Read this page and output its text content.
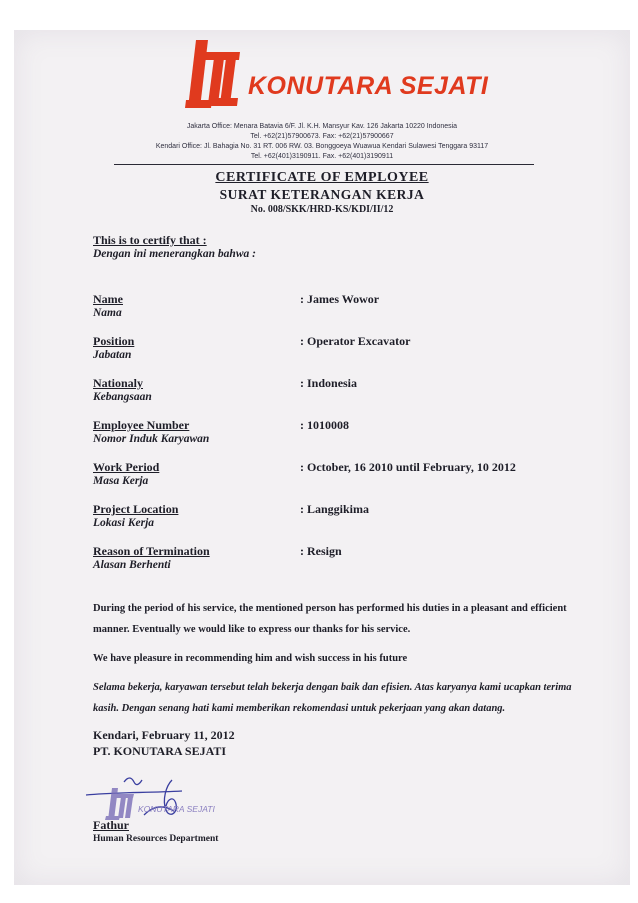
KONUTARA SEJATI
Jakarta Office: Menara Batavia 6/F. Jl. K.H. Mansyur Kav. 126 Jakarta 10220 Indonesia
Tel. +62(21)57900673. Fax: +62(21)57900667
Kendari Office: Jl. Bahagia No. 31 RT. 006 RW. 03. Bonggoeya Wuawua Kendari Sulawesi Tenggara 93117
Tel. +62(401)3190911. Fax. +62(401)3190911
CERTIFICATE OF EMPLOYEE
SURAT KETERANGAN KERJA
No. 008/SKK/HRD-KS/KDI/II/12
This is to certify that :
Dengan ini menerangkan bahwa :
Name
Nama
: James Wowor
Position
Jabatan
: Operator Excavator
Nationaly
Kebangsaan
: Indonesia
Employee Number
Nomor Induk Karyawan
: 1010008
Work Period
Masa Kerja
: October, 16 2010 until February, 10 2012
Project Location
Lokasi Kerja
: Langgikima
Reason of Termination
Alasan Berhenti
: Resign
During the period of his service, the mentioned person has performed his duties in a pleasant and efficient manner. Eventually we would like to express our thanks for his service.
We have pleasure in recommending him and wish success in his future
Selama bekerja, karyawan tersebut telah bekerja dengan baik dan efisien. Atas karyanya kami ucapkan terima kasih. Dengan senang hati kami memberikan rekomendasi untuk pekerjaan yang akan datang.
Kendari, February 11, 2012
PT. KONUTARA SEJATI
KONUTARA SEJATI
Fathur
Human Resources Department
